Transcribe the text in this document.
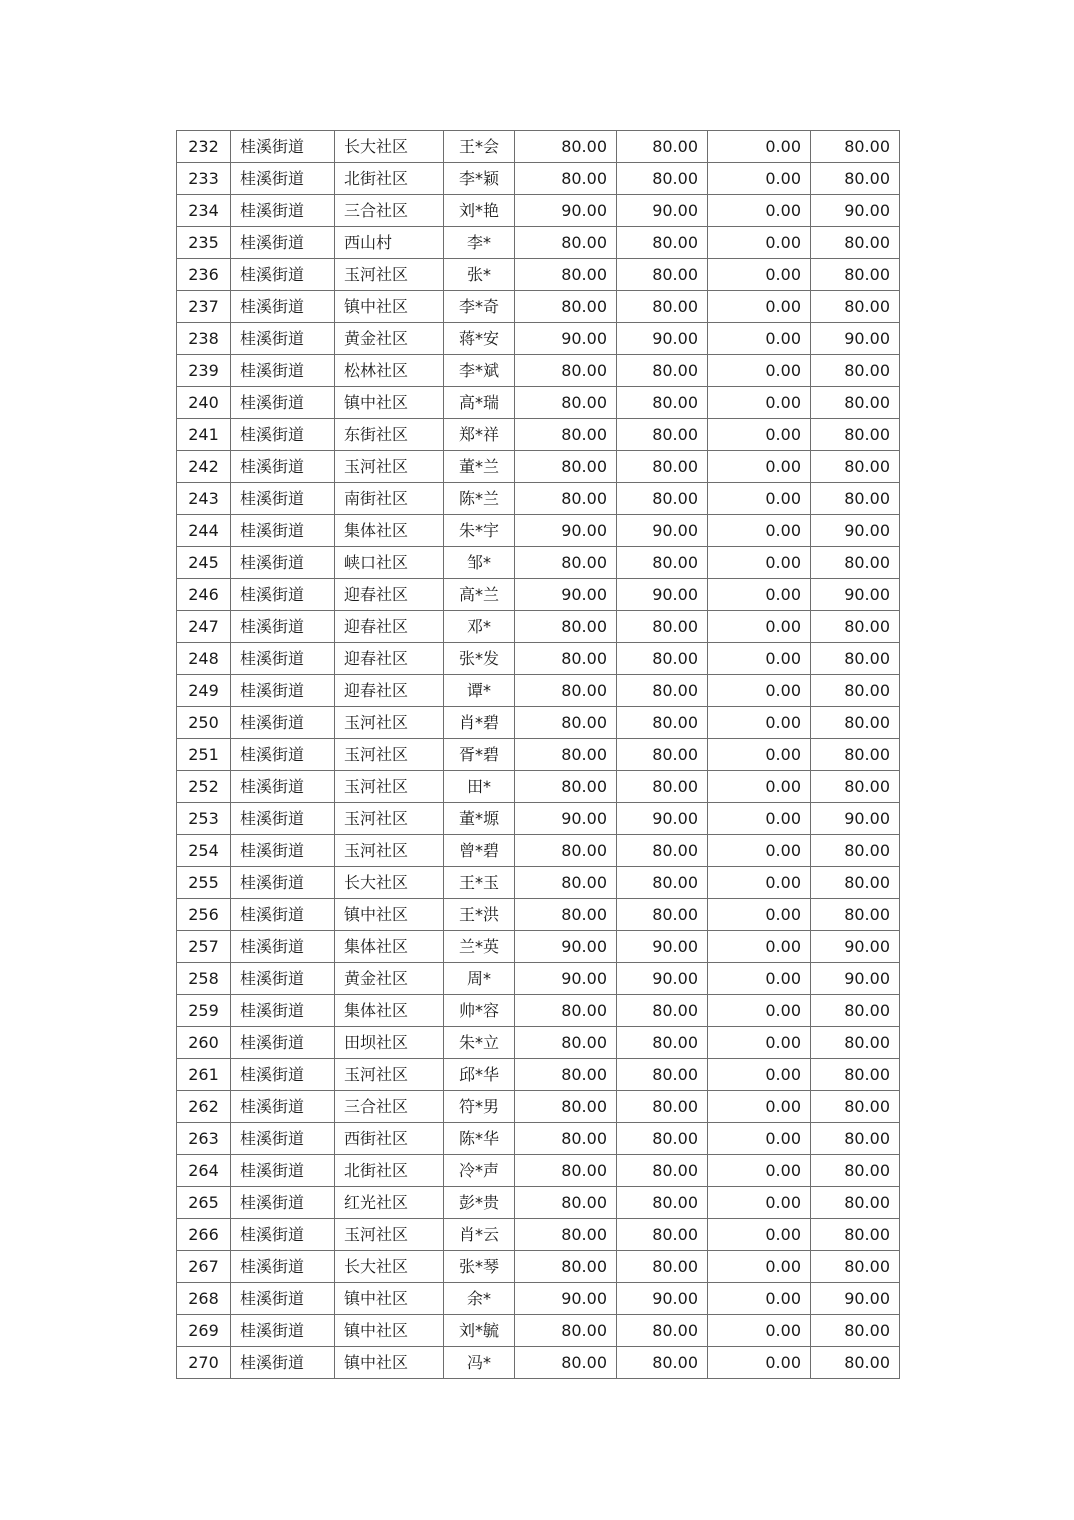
232	桂溪街道	长大社区	王*会	80.00	80.00	0.00	80.00
233	桂溪街道	北街社区	李*颖	80.00	80.00	0.00	80.00
234	桂溪街道	三合社区	刘*艳	90.00	90.00	0.00	90.00
235	桂溪街道	西山村	李*	80.00	80.00	0.00	80.00
236	桂溪街道	玉河社区	张*	80.00	80.00	0.00	80.00
237	桂溪街道	镇中社区	李*奇	80.00	80.00	0.00	80.00
238	桂溪街道	黄金社区	蒋*安	90.00	90.00	0.00	90.00
239	桂溪街道	松林社区	李*斌	80.00	80.00	0.00	80.00
240	桂溪街道	镇中社区	高*瑞	80.00	80.00	0.00	80.00
241	桂溪街道	东街社区	郑*祥	80.00	80.00	0.00	80.00
242	桂溪街道	玉河社区	董*兰	80.00	80.00	0.00	80.00
243	桂溪街道	南街社区	陈*兰	80.00	80.00	0.00	80.00
244	桂溪街道	集体社区	朱*宇	90.00	90.00	0.00	90.00
245	桂溪街道	峡口社区	邹*	80.00	80.00	0.00	80.00
246	桂溪街道	迎春社区	高*兰	90.00	90.00	0.00	90.00
247	桂溪街道	迎春社区	邓*	80.00	80.00	0.00	80.00
248	桂溪街道	迎春社区	张*发	80.00	80.00	0.00	80.00
249	桂溪街道	迎春社区	谭*	80.00	80.00	0.00	80.00
250	桂溪街道	玉河社区	肖*碧	80.00	80.00	0.00	80.00
251	桂溪街道	玉河社区	胥*碧	80.00	80.00	0.00	80.00
252	桂溪街道	玉河社区	田*	80.00	80.00	0.00	80.00
253	桂溪街道	玉河社区	董*塬	90.00	90.00	0.00	90.00
254	桂溪街道	玉河社区	曾*碧	80.00	80.00	0.00	80.00
255	桂溪街道	长大社区	王*玉	80.00	80.00	0.00	80.00
256	桂溪街道	镇中社区	王*洪	80.00	80.00	0.00	80.00
257	桂溪街道	集体社区	兰*英	90.00	90.00	0.00	90.00
258	桂溪街道	黄金社区	周*	90.00	90.00	0.00	90.00
259	桂溪街道	集体社区	帅*容	80.00	80.00	0.00	80.00
260	桂溪街道	田坝社区	朱*立	80.00	80.00	0.00	80.00
261	桂溪街道	玉河社区	邱*华	80.00	80.00	0.00	80.00
262	桂溪街道	三合社区	符*男	80.00	80.00	0.00	80.00
263	桂溪街道	西街社区	陈*华	80.00	80.00	0.00	80.00
264	桂溪街道	北街社区	冷*声	80.00	80.00	0.00	80.00
265	桂溪街道	红光社区	彭*贵	80.00	80.00	0.00	80.00
266	桂溪街道	玉河社区	肖*云	80.00	80.00	0.00	80.00
267	桂溪街道	长大社区	张*琴	80.00	80.00	0.00	80.00
268	桂溪街道	镇中社区	余*	90.00	90.00	0.00	90.00
269	桂溪街道	镇中社区	刘*毓	80.00	80.00	0.00	80.00
270	桂溪街道	镇中社区	冯*	80.00	80.00	0.00	80.00
